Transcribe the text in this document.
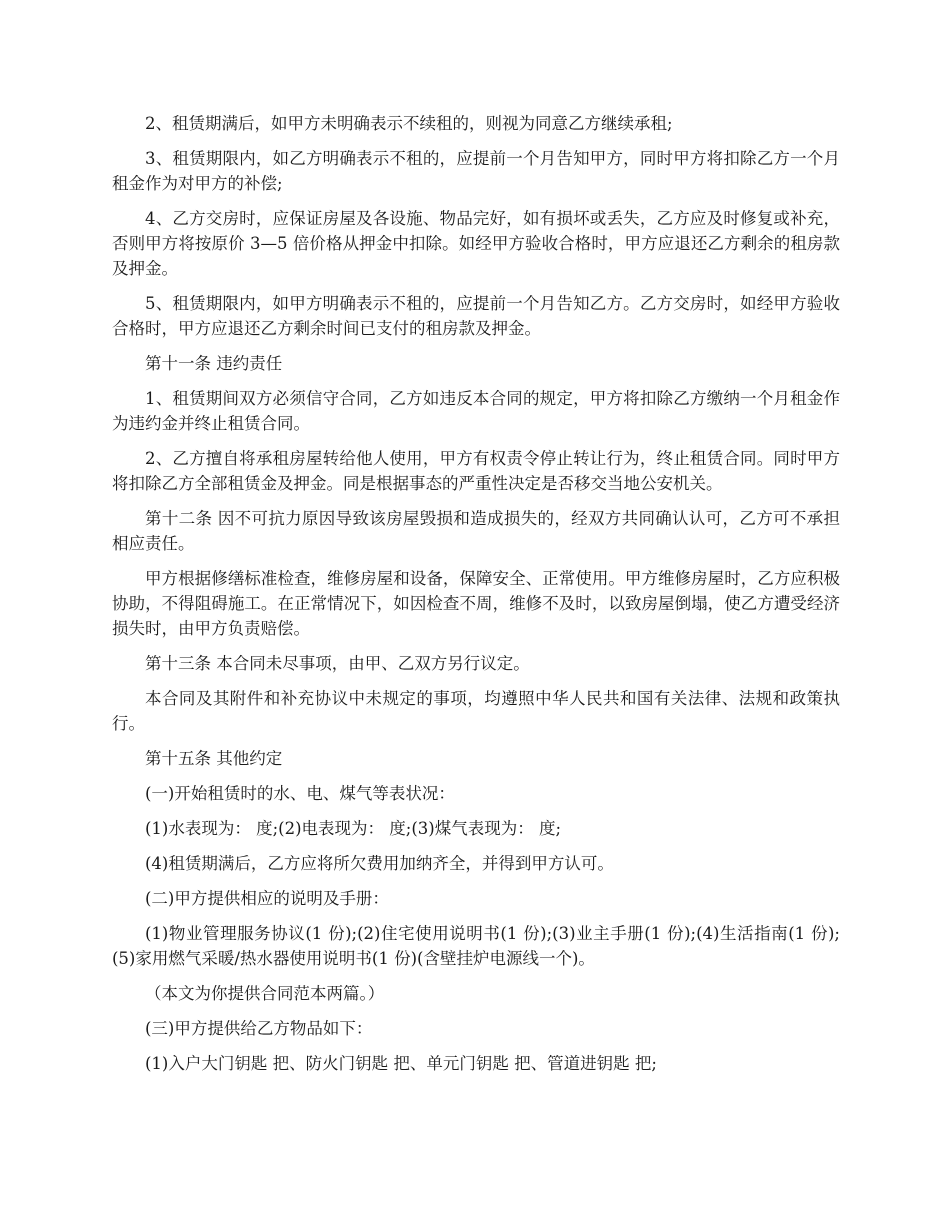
2、租赁期满后，如甲方未明确表示不续租的，则视为同意乙方继续承租;

3、租赁期限内，如乙方明确表示不租的，应提前一个月告知甲方，同时甲方将扣除乙方一个月租金作为对甲方的补偿;

4、乙方交房时，应保证房屋及各设施、物品完好，如有损坏或丢失，乙方应及时修复或补充，否则甲方将按原价 3—5 倍价格从押金中扣除。如经甲方验收合格时，甲方应退还乙方剩余的租房款及押金。

5、租赁期限内，如甲方明确表示不租的，应提前一个月告知乙方。乙方交房时，如经甲方验收合格时，甲方应退还乙方剩余时间已支付的租房款及押金。

第十一条 违约责任

1、租赁期间双方必须信守合同，乙方如违反本合同的规定，甲方将扣除乙方缴纳一个月租金作为违约金并终止租赁合同。

2、乙方擅自将承租房屋转给他人使用，甲方有权责令停止转让行为，终止租赁合同。同时甲方将扣除乙方全部租赁金及押金。同是根据事态的严重性决定是否移交当地公安机关。

第十二条 因不可抗力原因导致该房屋毁损和造成损失的，经双方共同确认认可，乙方可不承担相应责任。

甲方根据修缮标准检查，维修房屋和设备，保障安全、正常使用。甲方维修房屋时，乙方应积极协助，不得阻碍施工。在正常情况下，如因检查不周，维修不及时，以致房屋倒塌，使乙方遭受经济损失时，由甲方负责赔偿。

第十三条 本合同未尽事项，由甲、乙双方另行议定。

本合同及其附件和补充协议中未规定的事项，均遵照中华人民共和国有关法律、法规和政策执行。

第十五条 其他约定

(一)开始租赁时的水、电、煤气等表状况：

(1)水表现为： 度;(2)电表现为： 度;(3)煤气表现为： 度;

(4)租赁期满后，乙方应将所欠费用加纳齐全，并得到甲方认可。

(二)甲方提供相应的说明及手册：

(1)物业管理服务协议(1 份);(2)住宅使用说明书(1 份);(3)业主手册(1 份);(4)生活指南(1 份);(5)家用燃气采暖/热水器使用说明书(1 份)(含壁挂炉电源线一个)。

（本文为你提供合同范本两篇。）

(三)甲方提供给乙方物品如下：

(1)入户大门钥匙 把、防火门钥匙 把、单元门钥匙 把、管道进钥匙 把;
